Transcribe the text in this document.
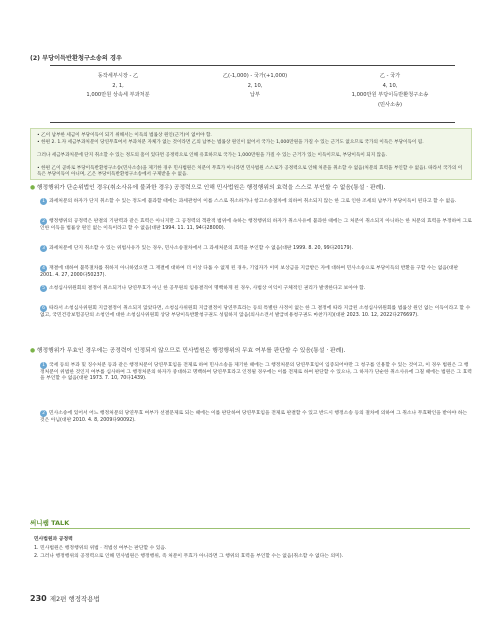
(2) 부당이득반환청구소송의 경우
동작세부시장 - 乙
2, 1,
1,000만원 상속세 부과처분
乙(-1,000) - 국가(+1,000)
2, 10,
납부
乙 - 국가
4, 10,
1,000만원 부당이득반환청구소송
(민사소송)

• 乙이 납부한 세금이 부당이득이 되기 위해서는 이득의 법률상 원인(근거)이 없어야 함.

• 한편 2. 1.자 세금부과처분이 당연무효여서 부과처분 자체가 없는 것이라면 乙의 납부는 법률상 원인이 없어서 국가는 1,000만원을 가질 수 있는 근거도 없으므로 국가의 이득은 부당이득이 됨.

그러나 세금부과처분에 단지 취소할 수 있는 정도의 흠이 있다면 공정력으로 인해 유효하므로 국가는 1,000만원을 가질 수 있는 근거가 있는 이득이므로, 부당이득이 되지 않음.

• 한편 乙이 곧바로 부당이득반환청구소송(민사소송)을 제기한 경우 민사법원은 처분이 무효가 아니라면 민사법원 스스로가 공정력으로 인해 처분을 취소할 수 없음(처분의 효력을 부인할 수 없음). 따라서 국가의 이득은 부당이득이 아니며, 乙은 부당이득반환청구소송에서 구제받을 수 없음.

● 행정행위가 단순위법인 경우(취소사유에 불과한 경우) 공정력으로 인해 민사법원은 행정행위의 효력을 스스로 부인할 수 없음(통설 · 판례).
1 과세처분의 하자가 단지 취소할 수 있는 정도에 불과할 때에는 과세관청이 이를 스스로 취소하거나 항고소송절차에 의하여 취소되지 않는 한 그로 인한 조세의 납부가 부당이득이 된다고 할 수 없음.
2 행정행위의 공정력은 판결의 기판력과 같은 효력은 아니지만 그 공정력의 객관적 범위에 속하는 행정행위의 하자가 취소사유에 불과한 때에는 그 처분이 취소되지 아니하는 한 처분의 효력을 부정하여 그로 인한 이득을 법률상 원인 없는 이득이라고 할 수 없음(대판 1994. 11. 11, 94다28000).
3 과세처분에 단지 취소할 수 있는 위법사유가 있는 경우, 민사소송절차에서 그 과세처분의 효력을 부인할 수 없음(대판 1999. 8. 20, 99다20179).
4 재결에 대하여 불복절차를 취하지 아니하였으면 그 재결에 대하여 더 이상 다툴 수 없게 된 경우, 기업자가 이미 보상금을 지급받은 자에 대하여 민사소송으로 부당이득의 반환을 구할 수는 없음(대판 2001. 4. 27, 2000다50237).
5 소청심사위원회의 결정이 취소되거나 당연무효가 아닌 한 공무원의 임용결격이 명백하게 된 경우, 사법상 이익이 구체적인 권리가 발생한다고 보아야 함.
6 따라서 소청심사위원회 지급결정이 취소되지 않았다면, 소청심사위원회 지급결정이 당연무효라는 등의 특별한 사정이 없는 한 그 결정에 따라 지급된 소청심사위원회를 법률상 원인 없는 이득이라고 할 수 없고, 국민건강보험공단의 소청인에 대한 소청심사위원회 상당 부당이득반환청구권도 성립하지 않음(의사소견서 발급비용청구권도 마찬가지)(대판 2023. 10. 12, 2022다276697).
● 행정행위가 무효인 경우에는 공정력이 인정되지 않으므로 민사법원은 행정행위의 무효 여부를 판단할 수 있음(통설 · 판례).
1 국세 등의 부과 및 징수처분 등과 같은 행정처분이 당연무효임을 전제로 하여 민사소송을 제기한 때에는 그 행정처분의 당연무효임이 입증되어야만 그 청구를 인용할 수 있는 것이고, 이 경우 법원은 그 행정처분이 위법한 것인지 여부를 심사하여 그 행정처분의 하자가 중대하고 명백하여 당연무효라고 인정될 경우에는 이를 전제로 하여 판단할 수 있으나, 그 하자가 단순한 취소사유에 그칠 때에는 법원은 그 효력을 부인할 수 없음(대판 1973. 7. 10, 70다1439).
2 민사소송에 있어서 어느 행정처분의 당연무효 여부가 선결문제로 되는 때에는 이를 판단하여 당연무효임을 전제로 판결할 수 있고 반드시 행정소송 등의 절차에 의하여 그 취소나 무효확인을 받아야 하는 것은 아님(대판 2010. 4. 8, 2009다90092).
써니쌤 TALK

민사법원과 공정력

1. 민사법원은 행정행위의 위법 · 적법성 여부는 판단할 수 있음.

2. 그러나 행정행위의 공정력으로 인해 민사법원은 행정행위, 즉 처분이 무효가 아니라면 그 행위의 효력을 부인할 수는 없음(취소할 수 없다는 의미).

230 제2편 행정작용법
